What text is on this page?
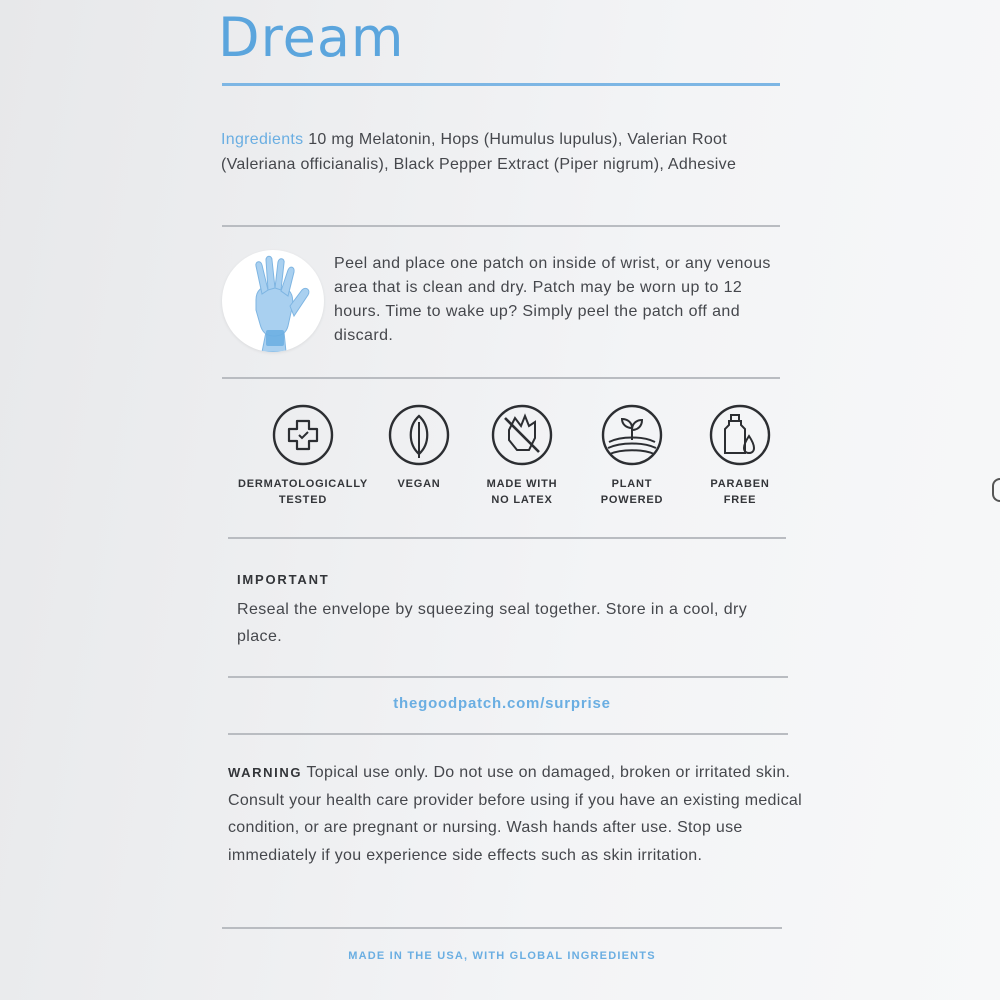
Dream
Ingredients 10 mg Melatonin, Hops (Humulus lupulus), Valerian Root (Valeriana officianalis), Black Pepper Extract (Piper nigrum), Adhesive
Peel and place one patch on inside of wrist, or any venous area that is clean and dry. Patch may be worn up to 12 hours. Time to wake up? Simply peel the patch off and discard.
DERMATOLOGICALLY
TESTED
VEGAN	MADE WITH
NO LATEX
PLANT
POWERED
PARABEN
FREE
IMPORTANT
Reseal the envelope by squeezing seal together. Store in a cool, dry place.
thegoodpatch.com/surprise
WARNING Topical use only. Do not use on damaged, broken or irritated skin. Consult your health care provider before using if you have an existing medical condition, or are pregnant or nursing. Wash hands after use. Stop use immediately if you experience side effects such as skin irritation.
MADE IN THE USA, WITH GLOBAL INGREDIENTS
